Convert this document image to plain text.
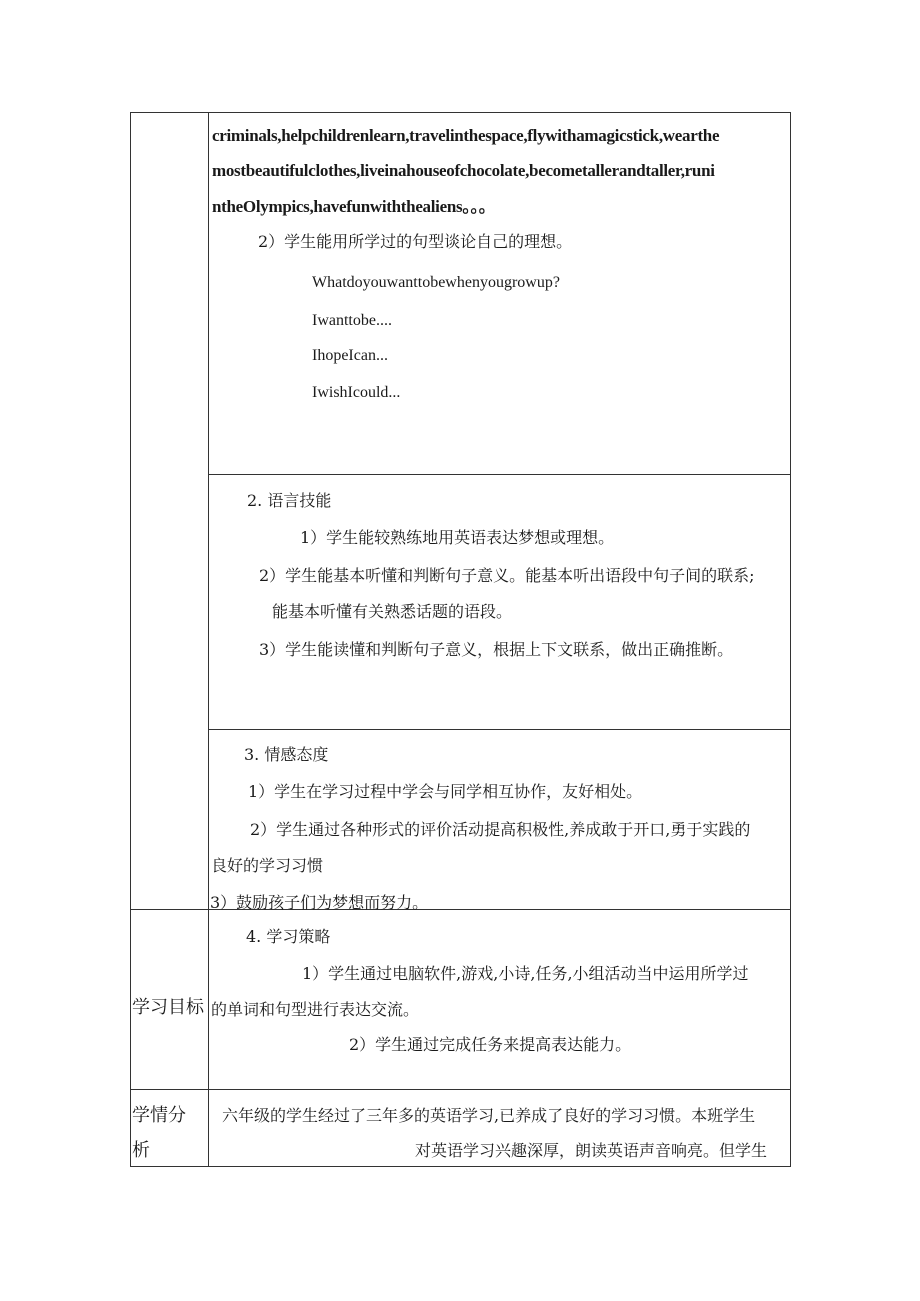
criminals,helpchildrenlearn,travelinthespace,flywithamagicstick,wearthe
mostbeautifulclothes,liveinahouseofchocolate,becometallerandtaller,runi
ntheOlympics,havefunwiththealiens。。。
2）学生能用所学过的句型谈论自己的理想。
Whatdoyouwanttobewhenyougrowup?
Iwanttobe....
IhopeIcan...
IwishIcould...
2. 语言技能
1）学生能较熟练地用英语表达梦想或理想。
2）学生能基本听懂和判断句子意义。能基本听出语段中句子间的联系;
能基本听懂有关熟悉话题的语段。
3）学生能读懂和判断句子意义，根据上下文联系，做出正确推断。
3. 情感态度
1）学生在学习过程中学会与同学相互协作，友好相处。
2）学生通过各种形式的评价活动提高积极性,养成敢于开口,勇于实践的
良好的学习习惯
3）鼓励孩子们为梦想而努力。
4. 学习策略
1）学生通过电脑软件,游戏,小诗,任务,小组活动当中运用所学过
的单词和句型进行表达交流。
2）学生通过完成任务来提高表达能力。
学习目标
学情分
析
六年级的学生经过了三年多的英语学习,已养成了良好的学习习惯。本班学生
对英语学习兴趣深厚，朗读英语声音响亮。但学生
